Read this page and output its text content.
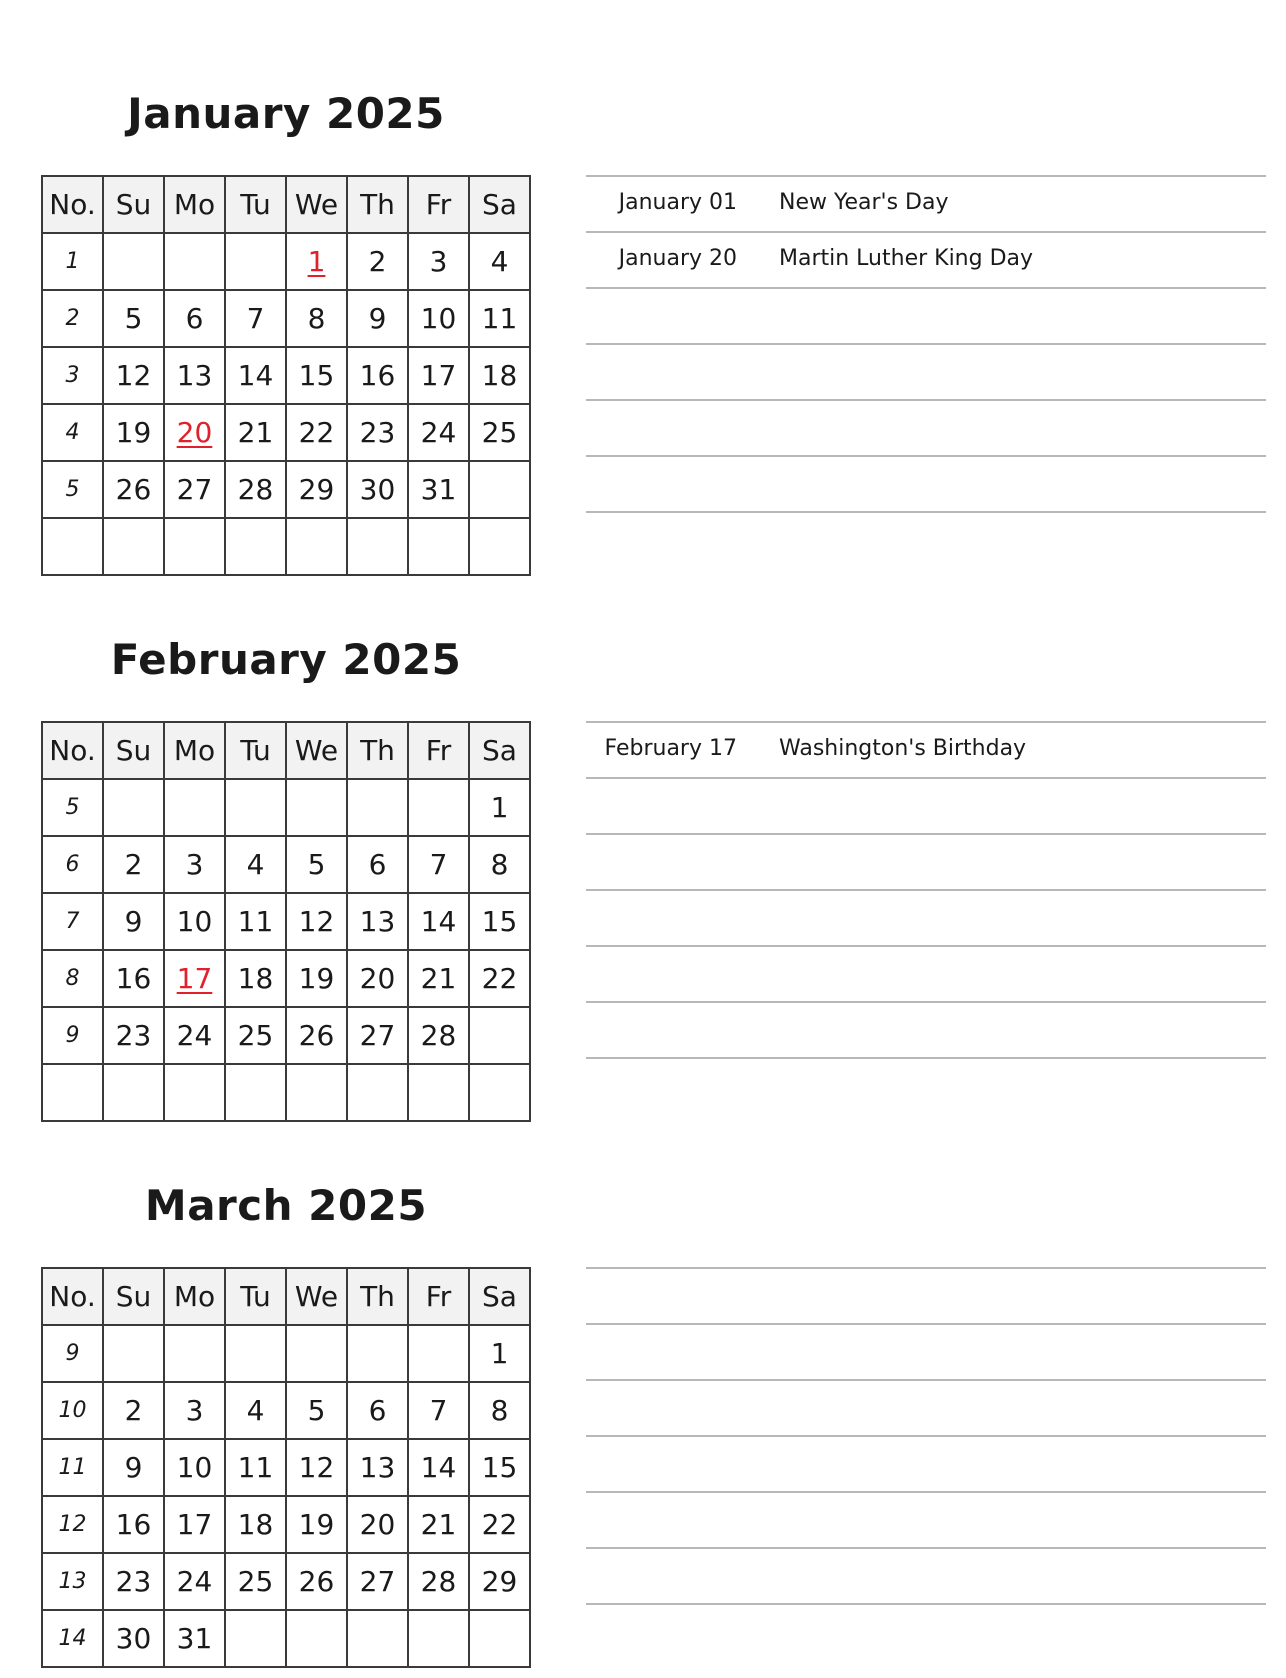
January 2025
No.	Su	Mo	Tu	We	Th	Fr	Sa
1				1	2	3	4
2	5	6	7	8	9	10	11
3	12	13	14	15	16	17	18
4	19	20	21	22	23	24	25
5	26	27	28	29	30	31	

January 01 New Year's Day
January 20 Martin Luther King Day
February 2025
No.	Su	Mo	Tu	We	Th	Fr	Sa
5							1
6	2	3	4	5	6	7	8
7	9	10	11	12	13	14	15
8	16	17	18	19	20	21	22
9	23	24	25	26	27	28	

February 17 Washington's Birthday
March 2025
No.	Su	Mo	Tu	We	Th	Fr	Sa
9							1
10	2	3	4	5	6	7	8
11	9	10	11	12	13	14	15
12	16	17	18	19	20	21	22
13	23	24	25	26	27	28	29
14	30	31					
